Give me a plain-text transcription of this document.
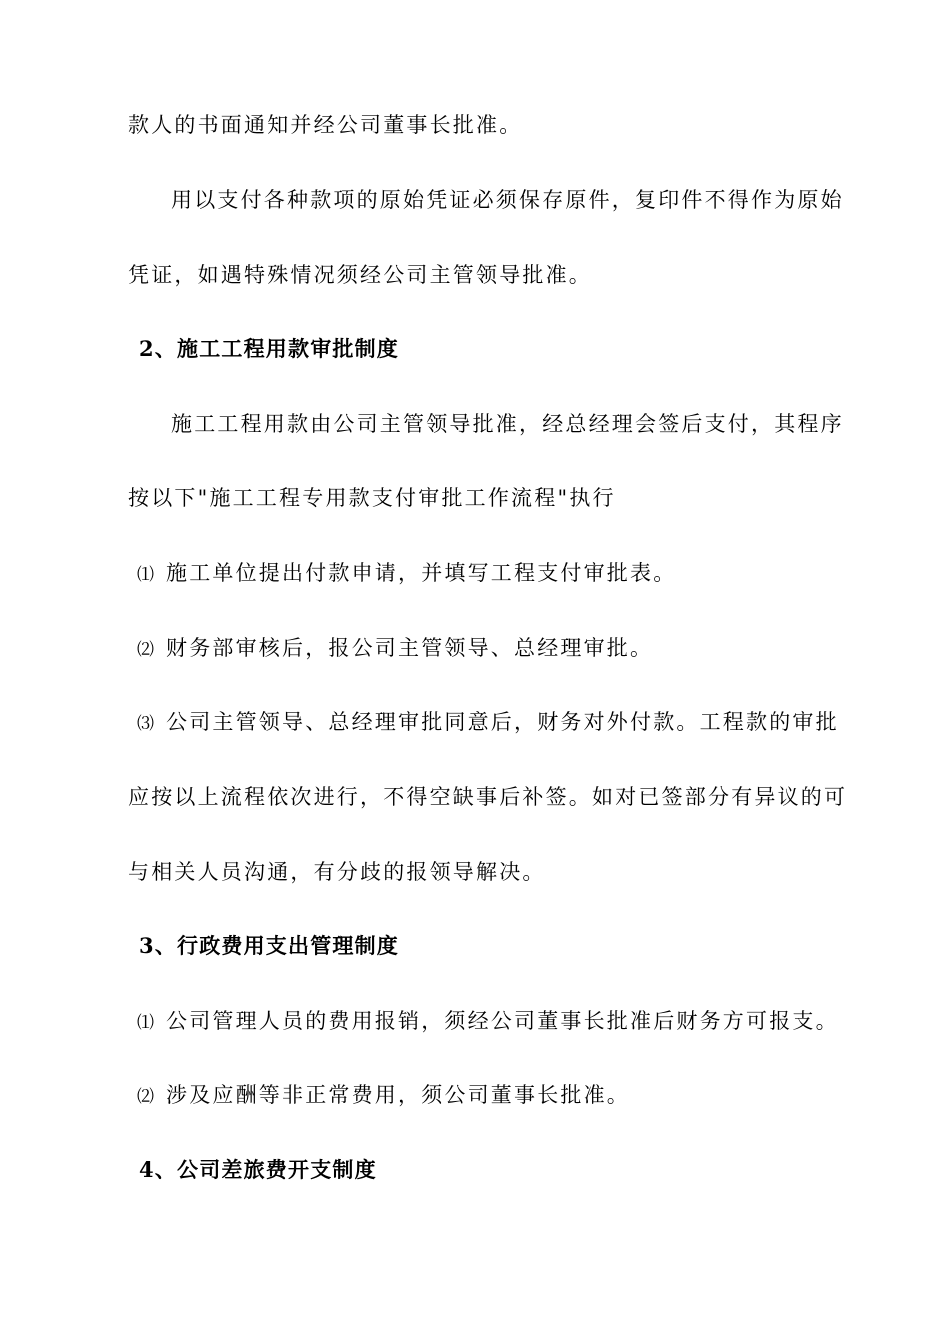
款人的书面通知并经公司董事长批准。
用以支付各种款项的原始凭证必须保存原件，复印件不得作为原始
凭证，如遇特殊情况须经公司主管领导批准。
2、施工工程用款审批制度
施工工程用款由公司主管领导批准，经总经理会签后支付，其程序
按以下"施工工程专用款支付审批工作流程"执行
⑴ 施工单位提出付款申请，并填写工程支付审批表。
⑵ 财务部审核后，报公司主管领导、总经理审批。
⑶ 公司主管领导、总经理审批同意后，财务对外付款。工程款的审批
应按以上流程依次进行，不得空缺事后补签。如对已签部分有异议的可
与相关人员沟通，有分歧的报领导解决。
3、行政费用支出管理制度
⑴ 公司管理人员的费用报销，须经公司董事长批准后财务方可报支。
⑵ 涉及应酬等非正常费用，须公司董事长批准。
4、公司差旅费开支制度
